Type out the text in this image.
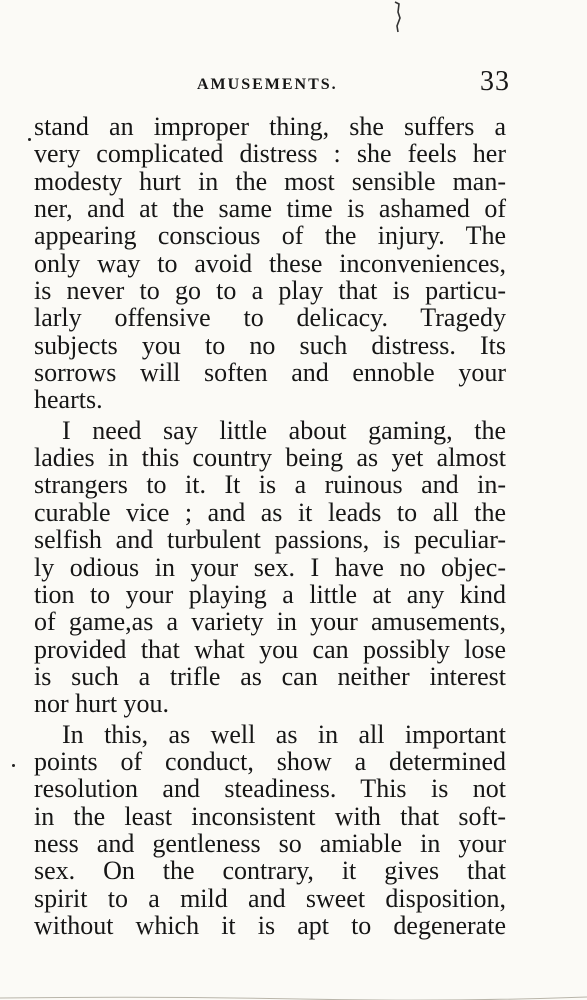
AMUSEMENTS.	33
stand an improper thing, she suffers a
very complicated distress : she feels her
modesty hurt in the most sensible man-
ner, and at the same time is ashamed of
appearing conscious of the injury. The
only way to avoid these inconveniences,
is never to go to a play that is particu-
larly offensive to delicacy. Tragedy
subjects you to no such distress. Its
sorrows will soften and ennoble your
hearts.
I need say little about gaming, the
ladies in this country being as yet almost
strangers to it. It is a ruinous and in-
curable vice ; and as it leads to all the
selfish and turbulent passions, is peculiar-
ly odious in your sex. I have no objec-
tion to your playing a little at any kind
of game,as a variety in your amusements,
provided that what you can possibly lose
is such a trifle as can neither interest
nor hurt you.
In this, as well as in all important
points of conduct, show a determined
resolution and steadiness. This is not
in the least inconsistent with that soft-
ness and gentleness so amiable in your
sex. On the contrary, it gives that
spirit to a mild and sweet disposition,
without which it is apt to degenerate
